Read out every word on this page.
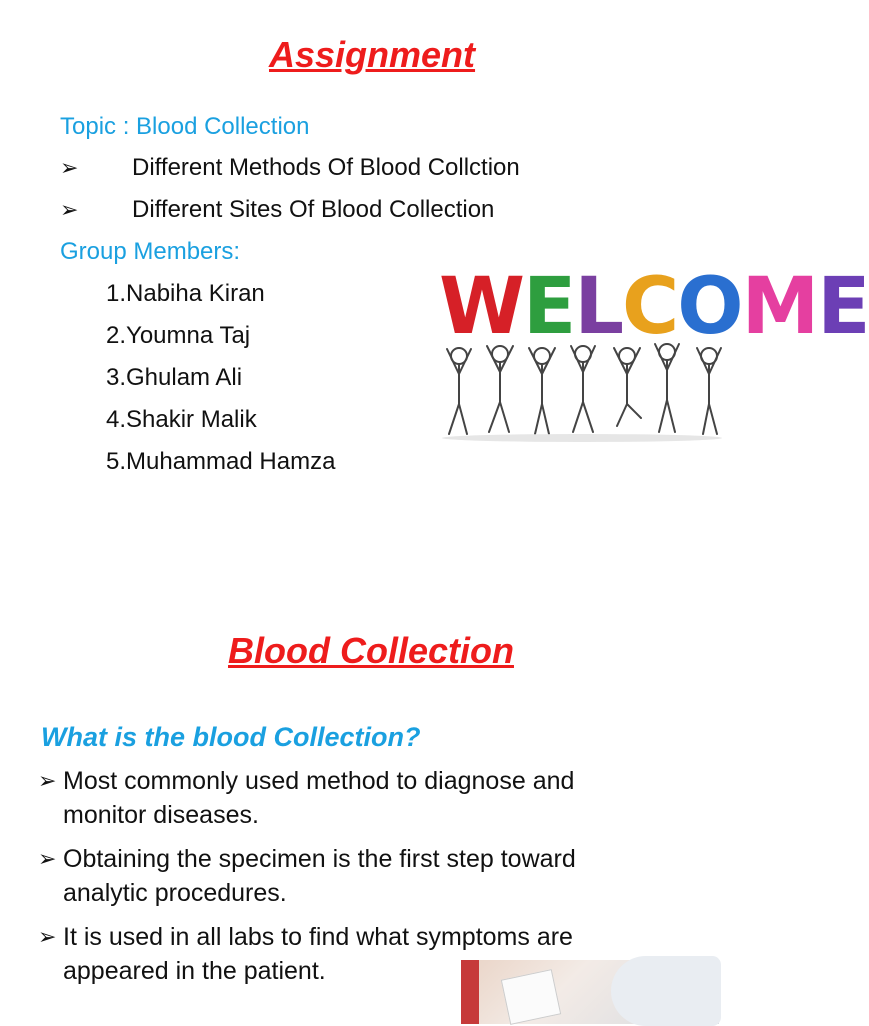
Assignment
Topic : Blood Collection
➢ Different Methods Of Blood Collction
➢ Different Sites Of Blood Collection
Group Members:
1.Nabiha Kiran
2.Youmna Taj
3.Ghulam Ali
4.Shakir Malik
5.Muhammad Hamza
WELCOME
Blood Collection
What is the blood Collection?
➢ Most commonly used method to diagnose and monitor diseases.
➢ Obtaining the specimen is the first step toward analytic procedures.
➢ It is used in all labs to find what symptoms are appeared in the patient.
